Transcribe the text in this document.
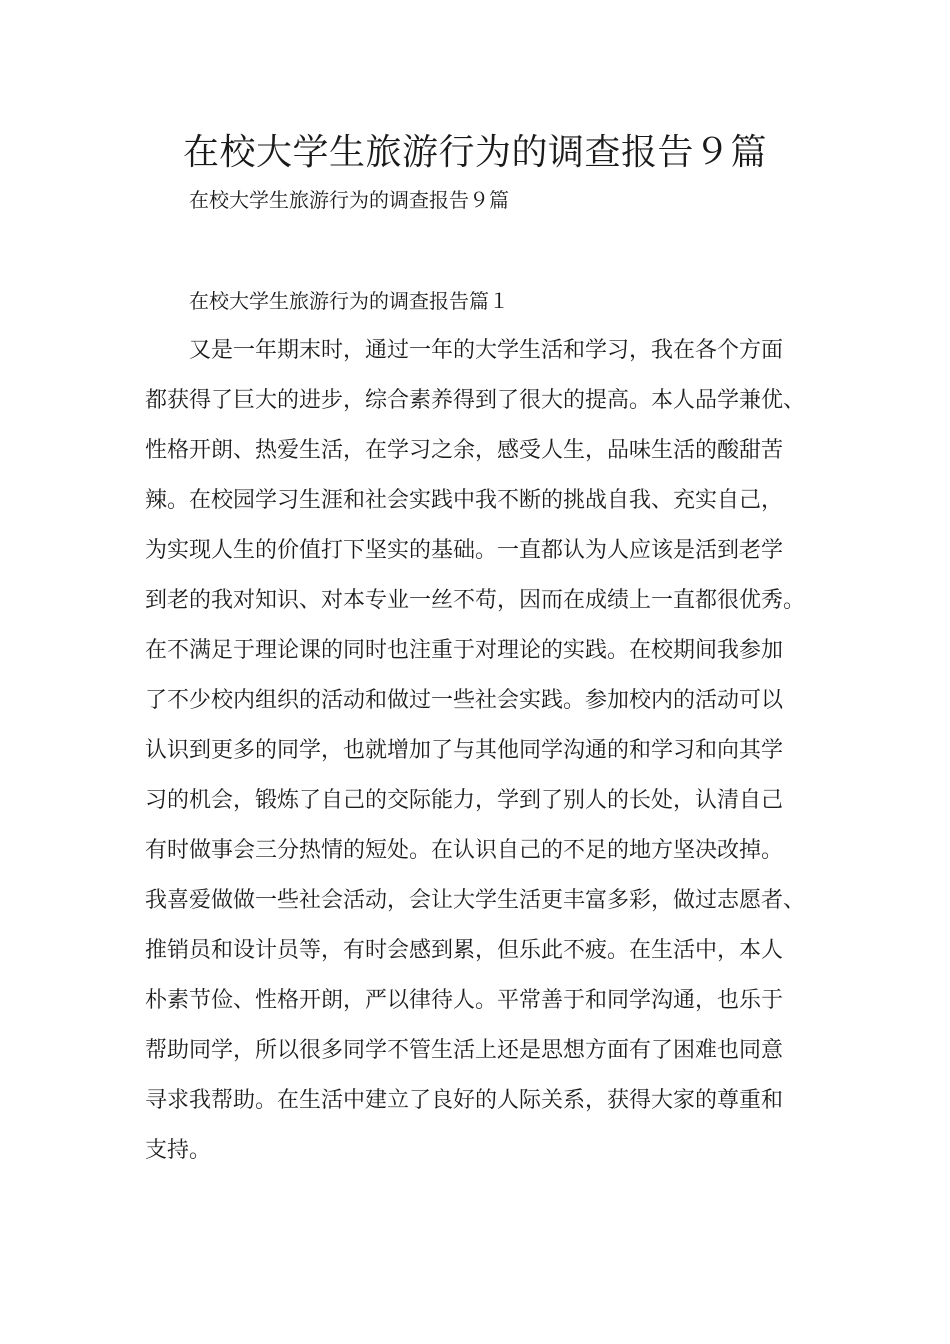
在校大学生旅游行为的调查报告９篇

在校大学生旅游行为的调查报告９篇

在校大学生旅游行为的调查报告篇１

又是一年期末时，通过一年的大学生活和学习，我在各个方面
都获得了巨大的进步，综合素养得到了很大的提高。本人品学兼优、
性格开朗、热爱生活，在学习之余，感受人生，品味生活的酸甜苦
辣。在校园学习生涯和社会实践中我不断的挑战自我、充实自己，
为实现人生的价值打下坚实的基础。一直都认为人应该是活到老学
到老的我对知识、对本专业一丝不苟，因而在成绩上一直都很优秀。
在不满足于理论课的同时也注重于对理论的实践。在校期间我参加
了不少校内组织的活动和做过一些社会实践。参加校内的活动可以
认识到更多的同学，也就增加了与其他同学沟通的和学习和向其学
习的机会，锻炼了自己的交际能力，学到了别人的长处，认清自己
有时做事会三分热情的短处。在认识自己的不足的地方坚决改掉。
我喜爱做做一些社会活动，会让大学生活更丰富多彩，做过志愿者、
推销员和设计员等，有时会感到累，但乐此不疲。在生活中，本人
朴素节俭、性格开朗，严以律待人。平常善于和同学沟通，也乐于
帮助同学，所以很多同学不管生活上还是思想方面有了困难也同意
寻求我帮助。在生活中建立了良好的人际关系，获得大家的尊重和
支持。
